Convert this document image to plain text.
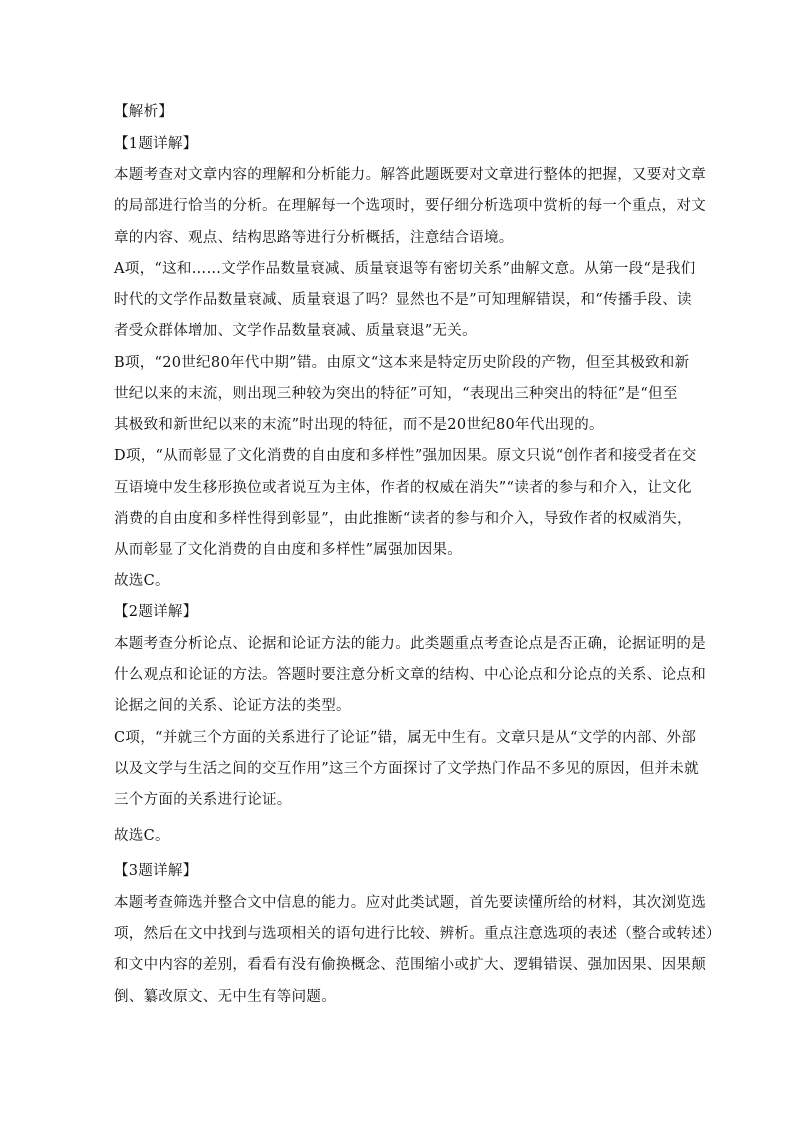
【解析】
【1题详解】
本题考查对文章内容的理解和分析能力。解答此题既要对文章进行整体的把握，又要对文章
的局部进行恰当的分析。在理解每一个选项时，要仔细分析选项中赏析的每一个重点，对文
章的内容、观点、结构思路等进行分析概括，注意结合语境。
A项，“这和……文学作品数量衰减、质量衰退等有密切关系”曲解文意。从第一段“是我们
时代的文学作品数量衰减、质量衰退了吗？显然也不是”可知理解错误，和“传播手段、读
者受众群体增加、文学作品数量衰减、质量衰退”无关。
B项，“20世纪80年代中期”错。由原文“这本来是特定历史阶段的产物，但至其极致和新
世纪以来的末流，则出现三种较为突出的特征”可知，“表现出三种突出的特征”是“但至
其极致和新世纪以来的末流”时出现的特征，而不是20世纪80年代出现的。
D项，“从而彰显了文化消费的自由度和多样性”强加因果。原文只说“创作者和接受者在交
互语境中发生移形换位或者说互为主体，作者的权威在消失”“读者的参与和介入，让文化
消费的自由度和多样性得到彰显”，由此推断“读者的参与和介入，导致作者的权威消失，
从而彰显了文化消费的自由度和多样性”属强加因果。
故选C。
【2题详解】
本题考查分析论点、论据和论证方法的能力。此类题重点考查论点是否正确，论据证明的是
什么观点和论证的方法。答题时要注意分析文章的结构、中心论点和分论点的关系、论点和
论据之间的关系、论证方法的类型。
C项，“并就三个方面的关系进行了论证”错，属无中生有。文章只是从“文学的内部、外部
以及文学与生活之间的交互作用”这三个方面探讨了文学热门作品不多见的原因，但并未就
三个方面的关系进行论证。
故选C。
【3题详解】
本题考查筛选并整合文中信息的能力。应对此类试题，首先要读懂所给的材料，其次浏览选
项，然后在文中找到与选项相关的语句进行比较、辨析。重点注意选项的表述（整合或转述）
和文中内容的差别，看看有没有偷换概念、范围缩小或扩大、逻辑错误、强加因果、因果颠
倒、纂改原文、无中生有等问题。
